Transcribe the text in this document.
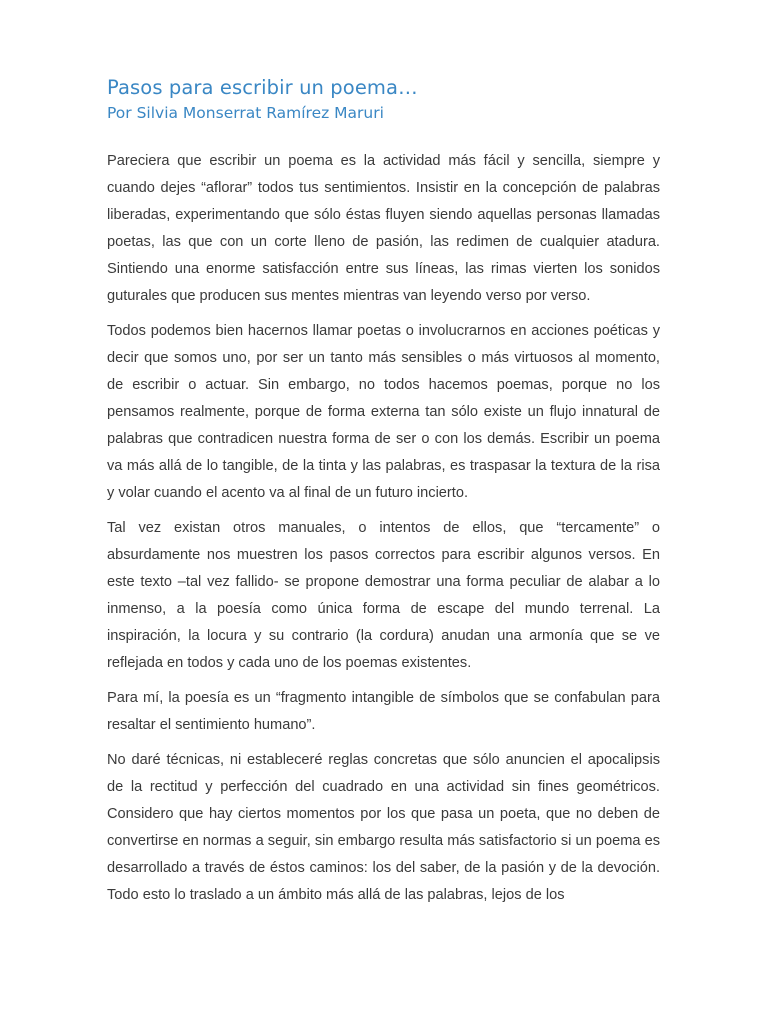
Pasos para escribir un poema…
Por Silvia Monserrat Ramírez Maruri

Pareciera que escribir un poema es la actividad más fácil y sencilla, siempre y cuando dejes “aflorar” todos tus sentimientos. Insistir en la concepción de palabras liberadas, experimentando que sólo éstas fluyen siendo aquellas personas llamadas poetas, las que con un corte lleno de pasión, las redimen de cualquier atadura. Sintiendo una enorme satisfacción entre sus líneas, las rimas vierten los sonidos guturales que producen sus mentes mientras van leyendo verso por verso.

Todos podemos bien hacernos llamar poetas o involucrarnos en acciones poéticas y decir que somos uno, por ser un tanto más sensibles o más virtuosos al momento, de escribir o actuar. Sin embargo, no todos hacemos poemas, porque no los pensamos realmente, porque de forma externa tan sólo existe un flujo innatural de palabras que contradicen nuestra forma de ser o con los demás. Escribir un poema va más allá de lo tangible, de la tinta y las palabras, es traspasar la textura de la risa y volar cuando el acento va al final de un futuro incierto.

Tal vez existan otros manuales, o intentos de ellos, que “tercamente” o absurdamente nos muestren los pasos correctos para escribir algunos versos. En este texto –tal vez fallido- se propone demostrar una forma peculiar de alabar a lo inmenso, a la poesía como única forma de escape del mundo terrenal. La inspiración, la locura y su contrario (la cordura) anudan una armonía que se ve reflejada en todos y cada uno de los poemas existentes.

Para mí, la poesía es un “fragmento intangible de símbolos que se confabulan para resaltar el sentimiento humano”.

No daré técnicas, ni estableceré reglas concretas que sólo anuncien el apocalipsis de la rectitud y perfección del cuadrado en una actividad sin fines geométricos. Considero que hay ciertos momentos por los que pasa un poeta, que no deben de convertirse en normas a seguir, sin embargo resulta más satisfactorio si un poema es desarrollado a través de éstos caminos: los del saber, de la pasión y de la devoción. Todo esto lo traslado a un ámbito más allá de las palabras, lejos de los
